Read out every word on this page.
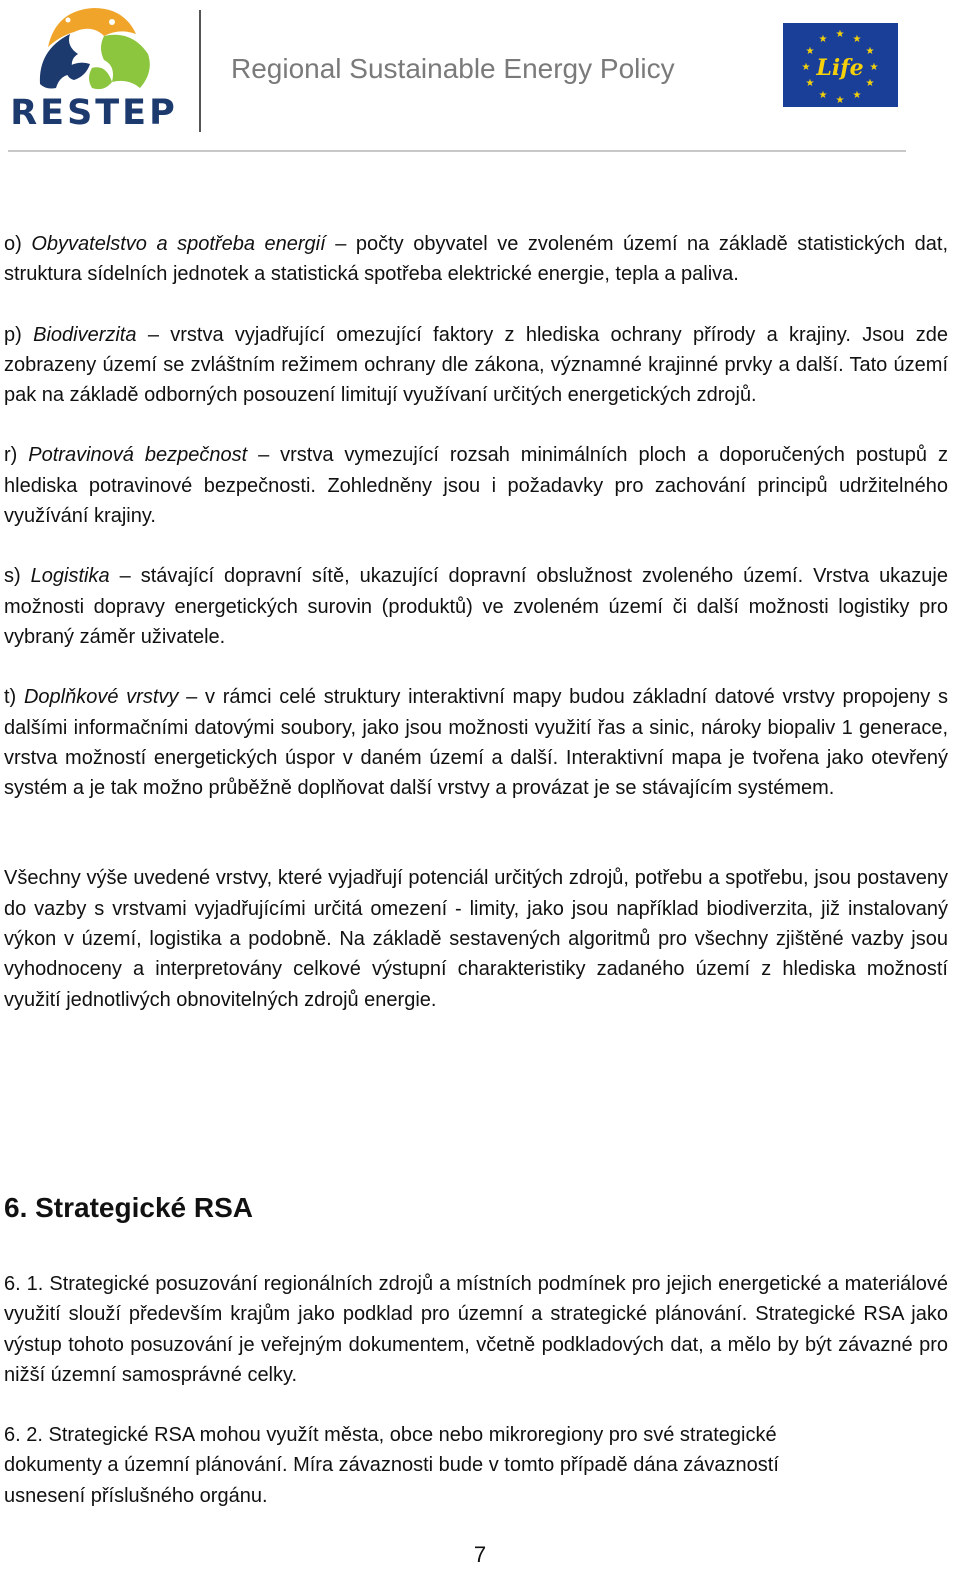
RESTEP
Regional Sustainable Energy Policy
★ ★
★
★
★
★
★
★
★
★
★
★
Life

o) Obyvatelstvo a spotřeba energií – počty obyvatel ve zvoleném území na základě statistických dat, struktura sídelních jednotek a statistická spotřeba elektrické energie, tepla a paliva.

p) Biodiverzita – vrstva vyjadřující omezující faktory z hlediska ochrany přírody a krajiny. Jsou zde zobrazeny území se zvláštním režimem ochrany dle zákona, významné krajinné prvky a další. Tato území pak na základě odborných posouzení limitují využívaní určitých energetických zdrojů.

r) Potravinová bezpečnost – vrstva vymezující rozsah minimálních ploch a doporučených postupů z hlediska potravinové bezpečnosti. Zohledněny jsou i požadavky pro zachování principů udržitelného využívání krajiny.

s) Logistika – stávající dopravní sítě, ukazující dopravní obslužnost zvoleného území. Vrstva ukazuje možnosti dopravy energetických surovin (produktů) ve zvoleném území či další možnosti logistiky pro vybraný záměr uživatele.

t) Doplňkové vrstvy – v rámci celé struktury interaktivní mapy budou základní datové vrstvy propojeny s dalšími informačními datovými soubory, jako jsou možnosti využití řas a sinic, nároky biopaliv 1 generace, vrstva možností energetických úspor v daném území a další. Interaktivní mapa je tvořena jako otevřený systém a je tak možno průběžně doplňovat další vrstvy a provázat je se stávajícím systémem.

Všechny výše uvedené vrstvy, které vyjadřují potenciál určitých zdrojů, potřebu a spotřebu, jsou postaveny do vazby s vrstvami vyjadřujícími určitá omezení - limity, jako jsou například biodiverzita, již instalovaný výkon v území, logistika a podobně. Na základě sestavených algoritmů pro všechny zjištěné vazby jsou vyhodnoceny a interpretovány celkové výstupní charakteristiky zadaného území z hlediska možností využití jednotlivých obnovitelných zdrojů energie.

6. Strategické RSA

6. 1. Strategické posuzování regionálních zdrojů a místních podmínek pro jejich energetické a materiálové využití slouží především krajům jako podklad pro územní a strategické plánování. Strategické RSA jako výstup tohoto posuzování je veřejným dokumentem, včetně podkladových dat, a mělo by být závazné pro nižší územní samosprávné celky.

6. 2. Strategické RSA mohou využít města, obce nebo mikroregiony pro své strategické
dokumenty a územní plánování. Míra závaznosti bude v tomto případě dána závazností
usnesení příslušného orgánu.

7
